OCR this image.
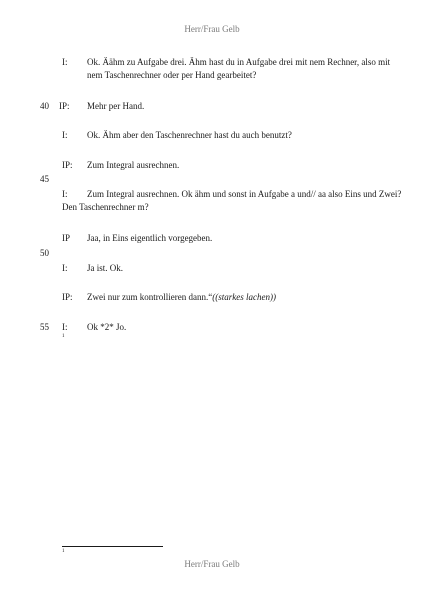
Herr/Frau Gelb
I: Ok. Äähm zu Aufgabe drei. Ähm hast du in Aufgabe drei mit nem Rechner, also mit
nem Taschenrechner oder per Hand gearbeitet?
40 IP: Mehr per Hand.
I: Ok. Ähm aber den Taschenrechner hast du auch benutzt?
IP: Zum Integral ausrechnen.
45
I: Zum Integral ausrechnen. Ok ähm und sonst in Aufgabe a und// aa also Eins und Zwei?
Den Taschenrechner m?
IP Jaa, in Eins eigentlich vorgegeben.
50
I: Ja ist. Ok.
IP: Zwei nur zum kontrollieren dann.“((starkes lachen))
55 I: Ok *2* Jo.
1
1
Herr/Frau Gelb
